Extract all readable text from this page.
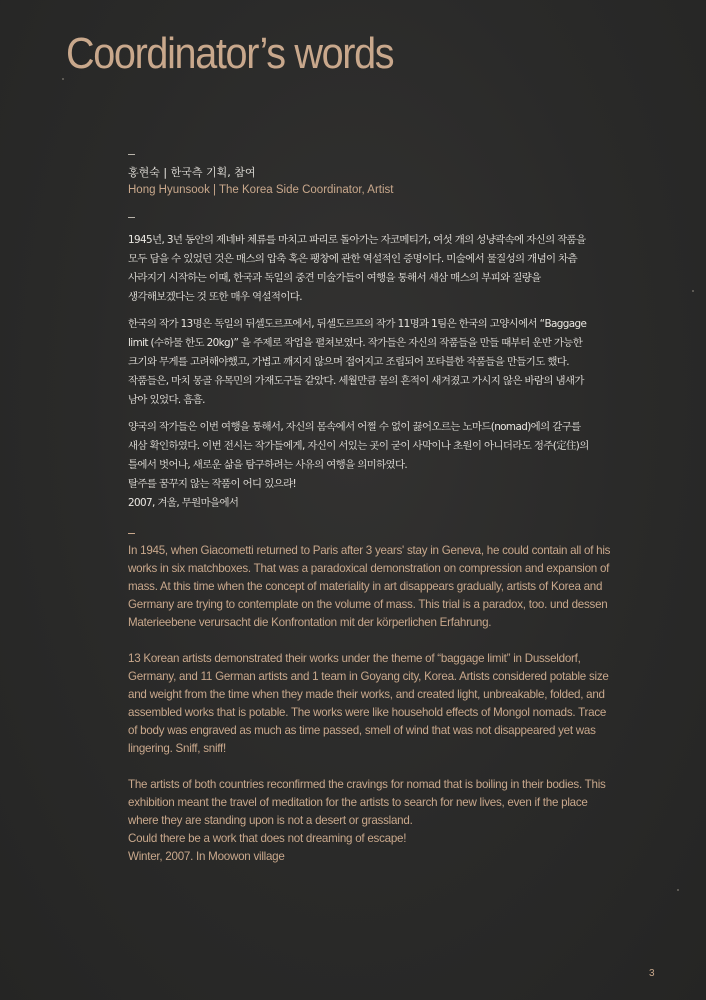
Coordinator’s words
홍현숙 | 한국측 기획, 참여
Hong Hyunsook | The Korea Side Coordinator, Artist

1945년, 3년 동안의 제네바 체류를 마치고 파리로 돌아가는 자코메티가, 여섯 개의 성냥곽속에 자신의 작품을
모두 담을 수 있었던 것은 매스의 압축 혹은 팽창에 관한 역설적인 증명이다. 미술에서 물질성의 개념이 차츰
사라지기 시작하는 이때, 한국과 독일의 중견 미술가들이 여행을 통해서 새삼 매스의 부피와 질량을
생각해보겠다는 것 또한 매우 역설적이다.

한국의 작가 13명은 독일의 뒤셀도르프에서, 뒤셀도르프의 작가 11명과 1팀은 한국의 고양시에서 “Baggage
limit (수하물 한도 20kg)” 을 주제로 작업을 펼쳐보였다. 작가들은 자신의 작품들을 만들 때부터 운반 가능한
크기와 무게를 고려해야했고, 가볍고 깨지지 않으며 접어지고 조립되어 포타블한 작품들을 만들기도 했다.
작품들은, 마치 몽골 유목민의 가재도구들 같았다. 세월만큼 몸의 흔적이 새겨졌고 가시지 않은 바람의 냄새가
남아 있었다. 흠흠.

양국의 작가들은 이번 여행을 통해서, 자신의 몸속에서 어쩔 수 없이 끓어오르는 노마드(nomad)에의 갈구를
새삼 확인하였다. 이번 전시는 작가들에게, 자신이 서있는 곳이 굳이 사막이나 초원이 아니더라도 정주(定住)의
틀에서 벗어나, 새로운 삶을 탐구하려는 사유의 여행을 의미하였다.
탈주를 꿈꾸지 않는 작품이 어디 있으랴!
2007, 겨울, 무원마을에서

In 1945, when Giacometti returned to Paris after 3 years' stay in Geneva, he could contain all of his
works in six matchboxes. That was a paradoxical demonstration on compression and expansion of
mass. At this time when the concept of materiality in art disappears gradually, artists of Korea and
Germany are trying to contemplate on the volume of mass. This trial is a paradox, too. und dessen
Materieebene verursacht die Konfrontation mit der körperlichen Erfahrung.

13 Korean artists demonstrated their works under the theme of “baggage limit” in Dusseldorf,
Germany, and 11 German artists and 1 team in Goyang city, Korea. Artists considered potable size
and weight from the time when they made their works, and created light, unbreakable, folded, and
assembled works that is potable. The works were like household effects of Mongol nomads. Trace
of body was engraved as much as time passed, smell of wind that was not disappeared yet was
lingering. Sniff, sniff!

The artists of both countries reconfirmed the cravings for nomad that is boiling in their bodies. This
exhibition meant the travel of meditation for the artists to search for new lives, even if the place
where they are standing upon is not a desert or grassland.
Could there be a work that does not dreaming of escape!
Winter, 2007. In Moowon village

3
